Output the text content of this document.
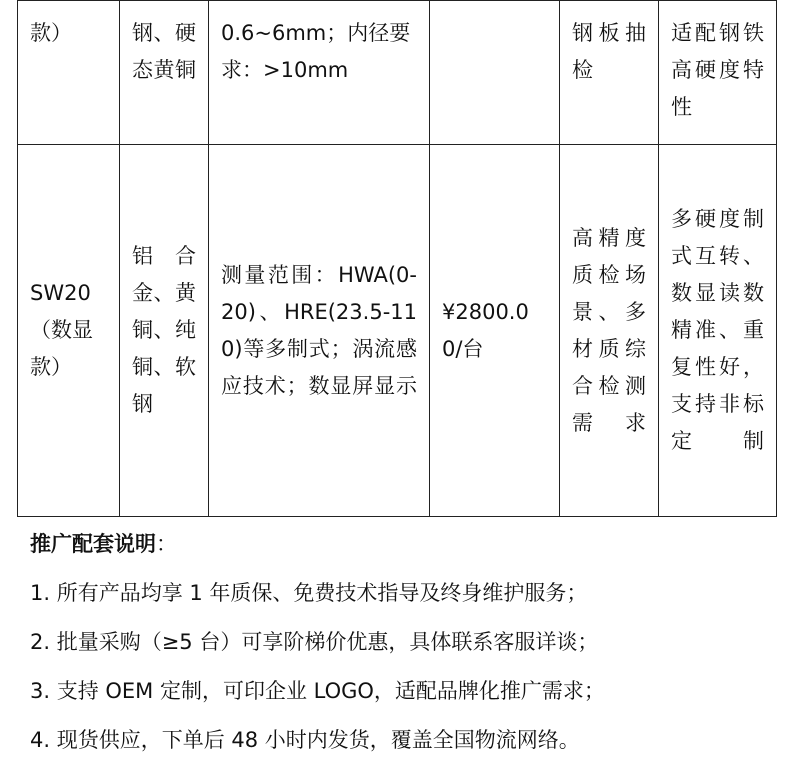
款）	钢、硬态黄铜	0.6~6mm；内径要求：>10mm		钢板抽检	适配钢铁高硬度特性
SW20（数显款）	铝合金、黄铜、纯铜、软钢	测量范围：HWA(0-20)、HRE(23.5-110)等多制式；涡流感应技术；数显屏显示	¥2800.00/台	高精度质检场景、多材质综合检测需求	多硬度制式互转、数显读数精准、重复性好，支持非标定制
推广配套说明：
1. 所有产品均享 1 年质保、免费技术指导及终身维护服务；
2. 批量采购（≥5 台）可享阶梯价优惠，具体联系客服详谈；
3. 支持 OEM 定制，可印企业 LOGO，适配品牌化推广需求；
4. 现货供应，下单后 48 小时内发货，覆盖全国物流网络。
